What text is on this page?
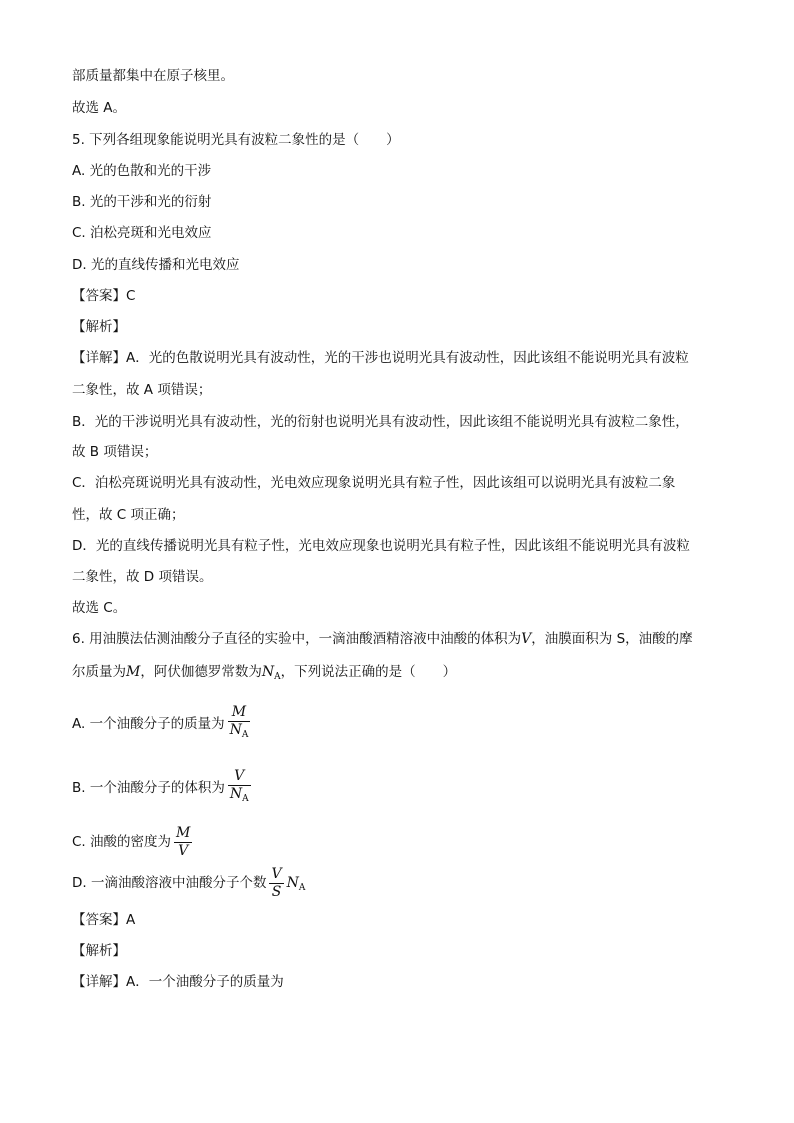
部质量都集中在原子核里。
故选 A。
5. 下列各组现象能说明光具有波粒二象性的是（　　）
A. 光的色散和光的干涉
B. 光的干涉和光的衍射
C. 泊松亮斑和光电效应
D. 光的直线传播和光电效应
【答案】C
【解析】
【详解】A．光的色散说明光具有波动性，光的干涉也说明光具有波动性，因此该组不能说明光具有波粒
二象性，故 A 项错误；
B．光的干涉说明光具有波动性，光的衍射也说明光具有波动性，因此该组不能说明光具有波粒二象性，
故 B 项错误；
C．泊松亮斑说明光具有波动性，光电效应现象说明光具有粒子性，因此该组可以说明光具有波粒二象
性，故 C 项正确；
D．光的直线传播说明光具有粒子性，光电效应现象也说明光具有粒子性，因此该组不能说明光具有波粒
二象性，故 D 项错误。
故选 C。
6. 用油膜法估测油酸分子直径的实验中，一滴油酸酒精溶液中油酸的体积为V，油膜面积为 S，油酸的摩
尔质量为M，阿伏伽德罗常数为$N_A$，下列说法正确的是（　　）
A. 一个油酸分子的质量为 $\frac{M}{N_A}$
B. 一个油酸分子的体积为 $\frac{V}{N_A}$
C. 油酸的密度为 $\frac{M}{V}$
D. 一滴油酸溶液中油酸分子个数 $\frac{V}{S} N_A$
【答案】A
【解析】
【详解】A．一个油酸分子的质量为
